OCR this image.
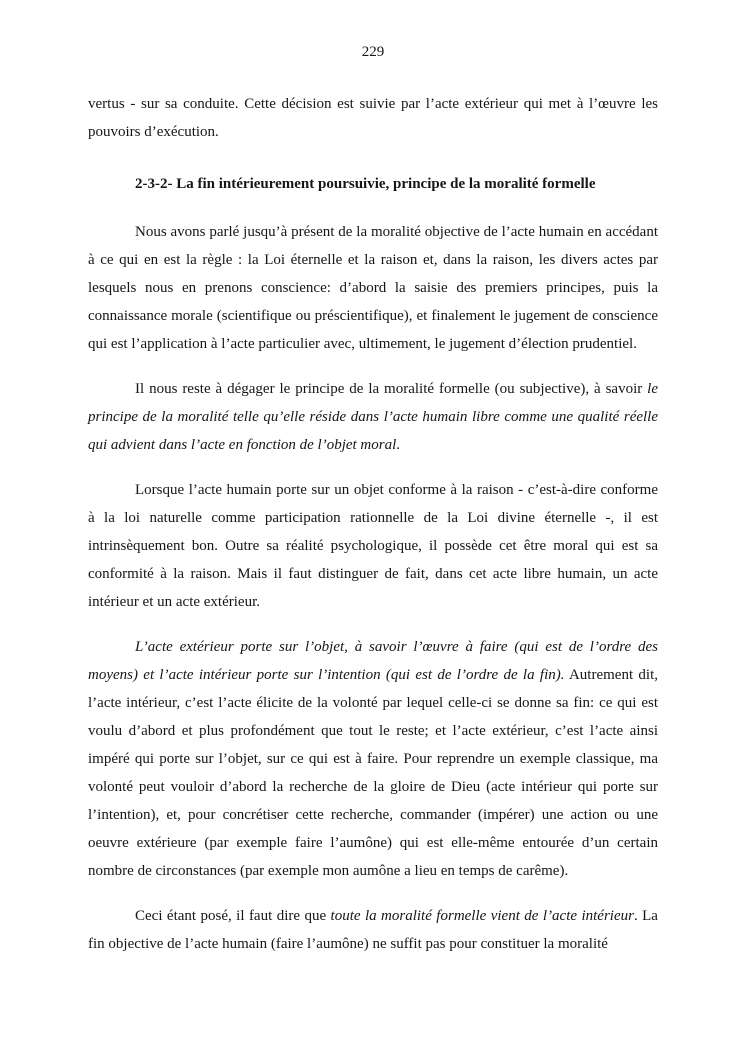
229

vertus - sur sa conduite. Cette décision est suivie par l’acte extérieur qui met à l’œuvre les pouvoirs d’exécution.

2-3-2- La fin intérieurement poursuivie, principe de la moralité formelle

Nous avons parlé jusqu’à présent de la moralité objective de l’acte humain en accédant à ce qui en est la règle : la Loi éternelle et la raison et, dans la raison, les divers actes par lesquels nous en prenons conscience: d’abord la saisie des premiers principes, puis la connaissance morale (scientifique ou préscientifique), et finalement le jugement de conscience qui est l’application à l’acte particulier avec, ultimement, le jugement d’élection prudentiel.

Il nous reste à dégager le principe de la moralité formelle (ou subjective), à savoir le principe de la moralité telle qu’elle réside dans l’acte humain libre comme une qualité réelle qui advient dans l’acte en fonction de l’objet moral.

Lorsque l’acte humain porte sur un objet conforme à la raison - c’est-à-dire conforme à la loi naturelle comme participation rationnelle de la Loi divine éternelle -, il est intrinsèquement bon. Outre sa réalité psychologique, il possède cet être moral qui est sa conformité à la raison. Mais il faut distinguer de fait, dans cet acte libre humain, un acte intérieur et un acte extérieur.

L’acte extérieur porte sur l’objet, à savoir l’œuvre à faire (qui est de l’ordre des moyens) et l’acte intérieur porte sur l’intention (qui est de l’ordre de la fin). Autrement dit, l’acte intérieur, c’est l’acte élicite de la volonté par lequel celle-ci se donne sa fin: ce qui est voulu d’abord et plus profondément que tout le reste; et l’acte extérieur, c’est l’acte ainsi impéré qui porte sur l’objet, sur ce qui est à faire. Pour reprendre un exemple classique, ma volonté peut vouloir d’abord la recherche de la gloire de Dieu (acte intérieur qui porte sur l’intention), et, pour concrétiser cette recherche, commander (impérer) une action ou une oeuvre extérieure (par exemple faire l’aumône) qui est elle-même entourée d’un certain nombre de circonstances (par exemple mon aumône a lieu en temps de carême).

Ceci étant posé, il faut dire que toute la moralité formelle vient de l’acte intérieur. La fin objective de l’acte humain (faire l’aumône) ne suffit pas pour constituer la moralité
